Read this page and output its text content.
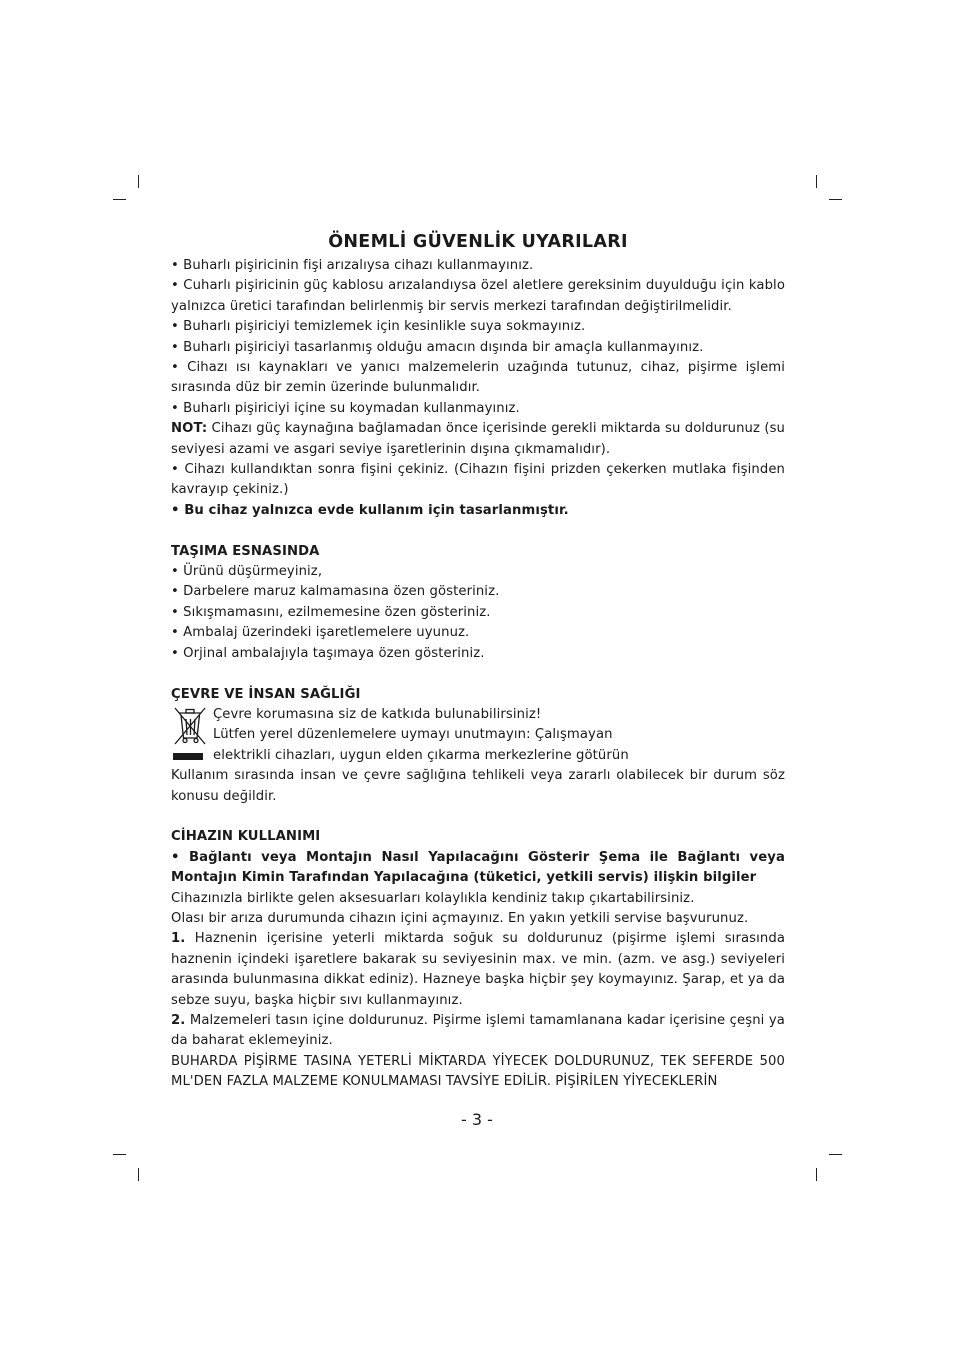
ÖNEMLİ GÜVENLİK UYARILARI

• Buharlı pişiricinin fişi arızalıysa cihazı kullanmayınız.

• Cuharlı pişiricinin güç kablosu arızalandıysa özel aletlere gereksinim duyulduğu için kablo yalnızca üretici tarafından belirlenmiş bir servis merkezi tarafından değiştirilmelidir.

• Buharlı pişiriciyi temizlemek için kesinlikle suya sokmayınız.

• Buharlı pişiriciyi tasarlanmış olduğu amacın dışında bir amaçla kullanmayınız.

• Cihazı ısı kaynakları ve yanıcı malzemelerin uzağında tutunuz, cihaz, pişirme işlemi sırasında düz bir zemin üzerinde bulunmalıdır.

• Buharlı pişiriciyi içine su koymadan kullanmayınız.

NOT: Cihazı güç kaynağına bağlamadan önce içerisinde gerekli miktarda su doldurunuz (su seviyesi azami ve asgari seviye işaretlerinin dışına çıkmamalıdır).

• Cihazı kullandıktan sonra fişini çekiniz. (Cihazın fişini prizden çekerken mutlaka fişinden kavrayıp çekiniz.)

• Bu cihaz yalnızca evde kullanım için tasarlanmıştır.

TAŞIMA ESNASINDA

• Ürünü düşürmeyiniz,

• Darbelere maruz kalmamasına özen gösteriniz.

• Sıkışmamasını, ezilmemesine özen gösteriniz.

• Ambalaj üzerindeki işaretlemelere uyunuz.

• Orjinal ambalajıyla taşımaya özen gösteriniz.

ÇEVRE VE İNSAN SAĞLIĞI

Çevre korumasına siz de katkıda bulunabilirsiniz!

Lütfen yerel düzenlemelere uymayı unutmayın: Çalışmayan

elektrikli cihazları, uygun elden çıkarma merkezlerine götürün

Kullanım sırasında insan ve çevre sağlığına tehlikeli veya zararlı olabilecek bir durum söz konusu değildir.

CİHAZIN KULLANIMI

• Bağlantı veya Montajın Nasıl Yapılacağını Gösterir Şema ile Bağlantı veya Montajın Kimin Tarafından Yapılacağına (tüketici, yetkili servis) ilişkin bilgiler

Cihazınızla birlikte gelen aksesuarları kolaylıkla kendiniz takıp çıkartabilirsiniz.

Olası bir arıza durumunda cihazın içini açmayınız. En yakın yetkili servise başvurunuz.

1. Haznenin içerisine yeterli miktarda soğuk su doldurunuz (pişirme işlemi sırasında haznenin içindeki işaretlere bakarak su seviyesinin max. ve min. (azm. ve asg.) seviyeleri arasında bulunmasına dikkat ediniz). Hazneye başka hiçbir şey koymayınız. Şarap, et ya da sebze suyu, başka hiçbir sıvı kullanmayınız.

2. Malzemeleri tasın içine doldurunuz. Pişirme işlemi tamamlanana kadar içerisine çeşni ya da baharat eklemeyiniz.

BUHARDA PİŞİRME TASINA YETERLİ MİKTARDA YİYECEK DOLDURUNUZ, TEK SEFERDE 500 ML'DEN FAZLA MALZEME KONULMAMASI TAVSİYE EDİLİR. PİŞİRİLEN YİYECEKLERİN

- 3 -
